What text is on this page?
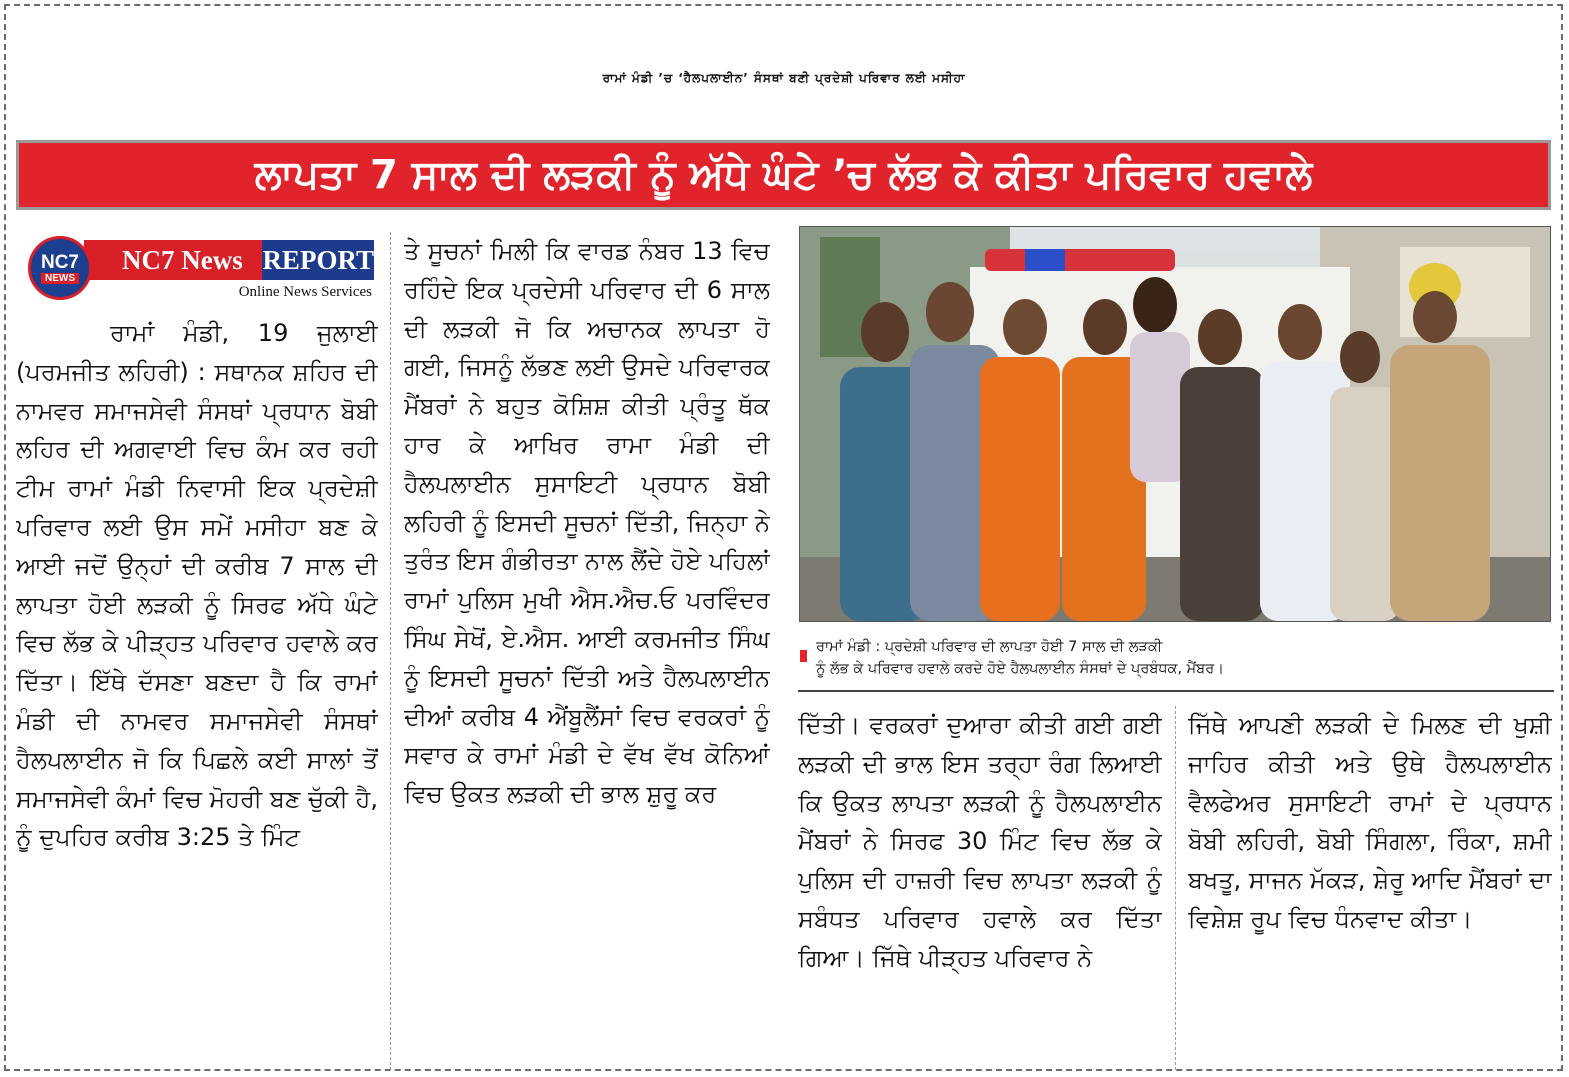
ਰਾਮਾਂ ਮੰਡੀ ’ਚ ‘ਹੈਲਪਲਾਈਨ’ ਸੰਸਥਾਂ ਬਣੀ ਪ੍ਰਦੇਸ਼ੀ ਪਰਿਵਾਰ ਲਈ ਮਸੀਹਾ
ਲਾਪਤਾ 7 ਸਾਲ ਦੀ ਲੜਕੀ ਨੂੰ ਅੱਧੇ ਘੰਟੇ ’ਚ ਲੱਭ ਕੇ ਕੀਤਾ ਪਰਿਵਾਰ ਹਵਾਲੇ
NC7 News REPORT
NC7
NEWS
Online News Services

ਰਾਮਾਂ ਮੰਡੀ, 19 ਜੁਲਾਈ (ਪਰਮਜੀਤ ਲਹਿਰੀ) : ਸਥਾਨਕ ਸ਼ਹਿਰ ਦੀ ਨਾਮਵਰ ਸਮਾਜਸੇਵੀ ਸੰਸਥਾਂ ਪ੍ਰਧਾਨ ਬੋਬੀ ਲਹਿਰ ਦੀ ਅਗਵਾਈ ਵਿਚ ਕੰਮ ਕਰ ਰਹੀ ਟੀਮ ਰਾਮਾਂ ਮੰਡੀ ਨਿਵਾਸੀ ਇਕ ਪ੍ਰਦੇਸ਼ੀ ਪਰਿਵਾਰ ਲਈ ਉਸ ਸਮੇਂ ਮਸੀਹਾ ਬਣ ਕੇ ਆਈ ਜਦੋਂ ਉਨ੍ਹਾਂ ਦੀ ਕਰੀਬ 7 ਸਾਲ ਦੀ ਲਾਪਤਾ ਹੋਈ ਲੜਕੀ ਨੂੰ ਸਿਰਫ ਅੱਧੇ ਘੰਟੇ ਵਿਚ ਲੱਭ ਕੇ ਪੀੜ੍ਹਤ ਪਰਿਵਾਰ ਹਵਾਲੇ ਕਰ ਦਿੱਤਾ। ਇੱਥੇ ਦੱਸਣਾ ਬਣਦਾ ਹੈ ਕਿ ਰਾਮਾਂ ਮੰਡੀ ਦੀ ਨਾਮਵਰ ਸਮਾਜਸੇਵੀ ਸੰਸਥਾਂ ਹੈਲਪਲਾਈਨ ਜੋ ਕਿ ਪਿਛਲੇ ਕਈ ਸਾਲਾਂ ਤੋਂ ਸਮਾਜਸੇਵੀ ਕੰਮਾਂ ਵਿਚ ਮੋਹਰੀ ਬਣ ਚੁੱਕੀ ਹੈ, ਨੂੰ ਦੁਪਹਿਰ ਕਰੀਬ 3:25 ਤੇ ਮਿੰਟ

ਤੇ ਸੂਚਨਾਂ ਮਿਲੀ ਕਿ ਵਾਰਡ ਨੰਬਰ 13 ਵਿਚ ਰਹਿੰਦੇ ਇਕ ਪ੍ਰਦੇਸੀ ਪਰਿਵਾਰ ਦੀ 6 ਸਾਲ ਦੀ ਲੜਕੀ ਜੋ ਕਿ ਅਚਾਨਕ ਲਾਪਤਾ ਹੋ ਗਈ, ਜਿਸਨੂੰ ਲੱਭਣ ਲਈ ਉਸਦੇ ਪਰਿਵਾਰਕ ਮੈਂਬਰਾਂ ਨੇ ਬਹੁਤ ਕੋਸ਼ਿਸ਼ ਕੀਤੀ ਪ੍ਰੰਤੂ ਥੱਕ ਹਾਰ ਕੇ ਆਖਿਰ ਰਾਮਾ ਮੰਡੀ ਦੀ ਹੈਲਪਲਾਈਨ ਸੁਸਾਇਟੀ ਪ੍ਰਧਾਨ ਬੋਬੀ ਲਹਿਰੀ ਨੂੰ ਇਸਦੀ ਸੂਚਨਾਂ ਦਿੱਤੀ, ਜਿਨ੍ਹਾ ਨੇ ਤੁਰੰਤ ਇਸ ਗੰਭੀਰਤਾ ਨਾਲ ਲੈਂਦੇ ਹੋਏ ਪਹਿਲਾਂ ਰਾਮਾਂ ਪੁਲਿਸ ਮੁਖੀ ਐਸ.ਐਚ.ਓ ਪਰਵਿੰਦਰ ਸਿੰਘ ਸੇਖੋਂ, ਏ.ਐਸ. ਆਈ ਕਰਮਜੀਤ ਸਿੰਘ ਨੂੰ ਇਸਦੀ ਸੂਚਨਾਂ ਦਿੱਤੀ ਅਤੇ ਹੈਲਪਲਾਈਨ ਦੀਆਂ ਕਰੀਬ 4 ਐਂਬੂਲੈਂਸਾਂ ਵਿਚ ਵਰਕਰਾਂ ਨੂੰ ਸਵਾਰ ਕੇ ਰਾਮਾਂ ਮੰਡੀ ਦੇ ਵੱਖ ਵੱਖ ਕੋਨਿਆਂ ਵਿਚ ਉਕਤ ਲੜਕੀ ਦੀ ਭਾਲ ਸ਼ੁਰੂ ਕਰ

ਰਾਮਾਂ ਮੰਡੀ : ਪ੍ਰਦੇਸ਼ੀ ਪਰਿਵਾਰ ਦੀ ਲਾਪਤਾ ਹੋਈ 7 ਸਾਲ ਦੀ ਲੜਕੀ
ਨੂੰ ਲੱਭ ਕੇ ਪਰਿਵਾਰ ਹਵਾਲੇ ਕਰਦੇ ਹੋਏ ਹੈਲਪਲਾਈਨ ਸੰਸਥਾਂ ਦੇ ਪ੍ਰਬੰਧਕ, ਮੈਂਬਰ।

ਦਿੱਤੀ। ਵਰਕਰਾਂ ਦੁਆਰਾ ਕੀਤੀ ਗਈ ਗਈ ਲੜਕੀ ਦੀ ਭਾਲ ਇਸ ਤਰ੍ਹਾ ਰੰਗ ਲਿਆਈ ਕਿ ਉਕਤ ਲਾਪਤਾ ਲੜਕੀ ਨੂੰ ਹੈਲਪਲਾਈਨ ਮੈਂਬਰਾਂ ਨੇ ਸਿਰਫ 30 ਮਿੰਟ ਵਿਚ ਲੱਭ ਕੇ ਪੁਲਿਸ ਦੀ ਹਾਜ਼ਰੀ ਵਿਚ ਲਾਪਤਾ ਲੜਕੀ ਨੂੰ ਸਬੰਧਤ ਪਰਿਵਾਰ ਹਵਾਲੇ ਕਰ ਦਿੱਤਾ ਗਿਆ। ਜਿੱਥੇ ਪੀੜ੍ਹਤ ਪਰਿਵਾਰ ਨੇ

ਜਿੱਥੇ ਆਪਣੀ ਲੜਕੀ ਦੇ ਮਿਲਣ ਦੀ ਖੁਸ਼ੀ ਜਾਹਿਰ ਕੀਤੀ ਅਤੇ ਉਥੇ ਹੈਲਪਲਾਈਨ ਵੈਲਫੇਅਰ ਸੁਸਾਇਟੀ ਰਾਮਾਂ ਦੇ ਪ੍ਰਧਾਨ ਬੋਬੀ ਲਹਿਰੀ, ਬੋਬੀ ਸਿੰਗਲਾ, ਰਿੰਕਾ, ਸ਼ਮੀ ਬਖਤੂ, ਸਾਜਨ ਮੱਕੜ, ਸ਼ੇਰੂ ਆਦਿ ਮੈਂਬਰਾਂ ਦਾ ਵਿਸ਼ੇਸ਼ ਰੂਪ ਵਿਚ ਧੰਨਵਾਦ ਕੀਤਾ।
